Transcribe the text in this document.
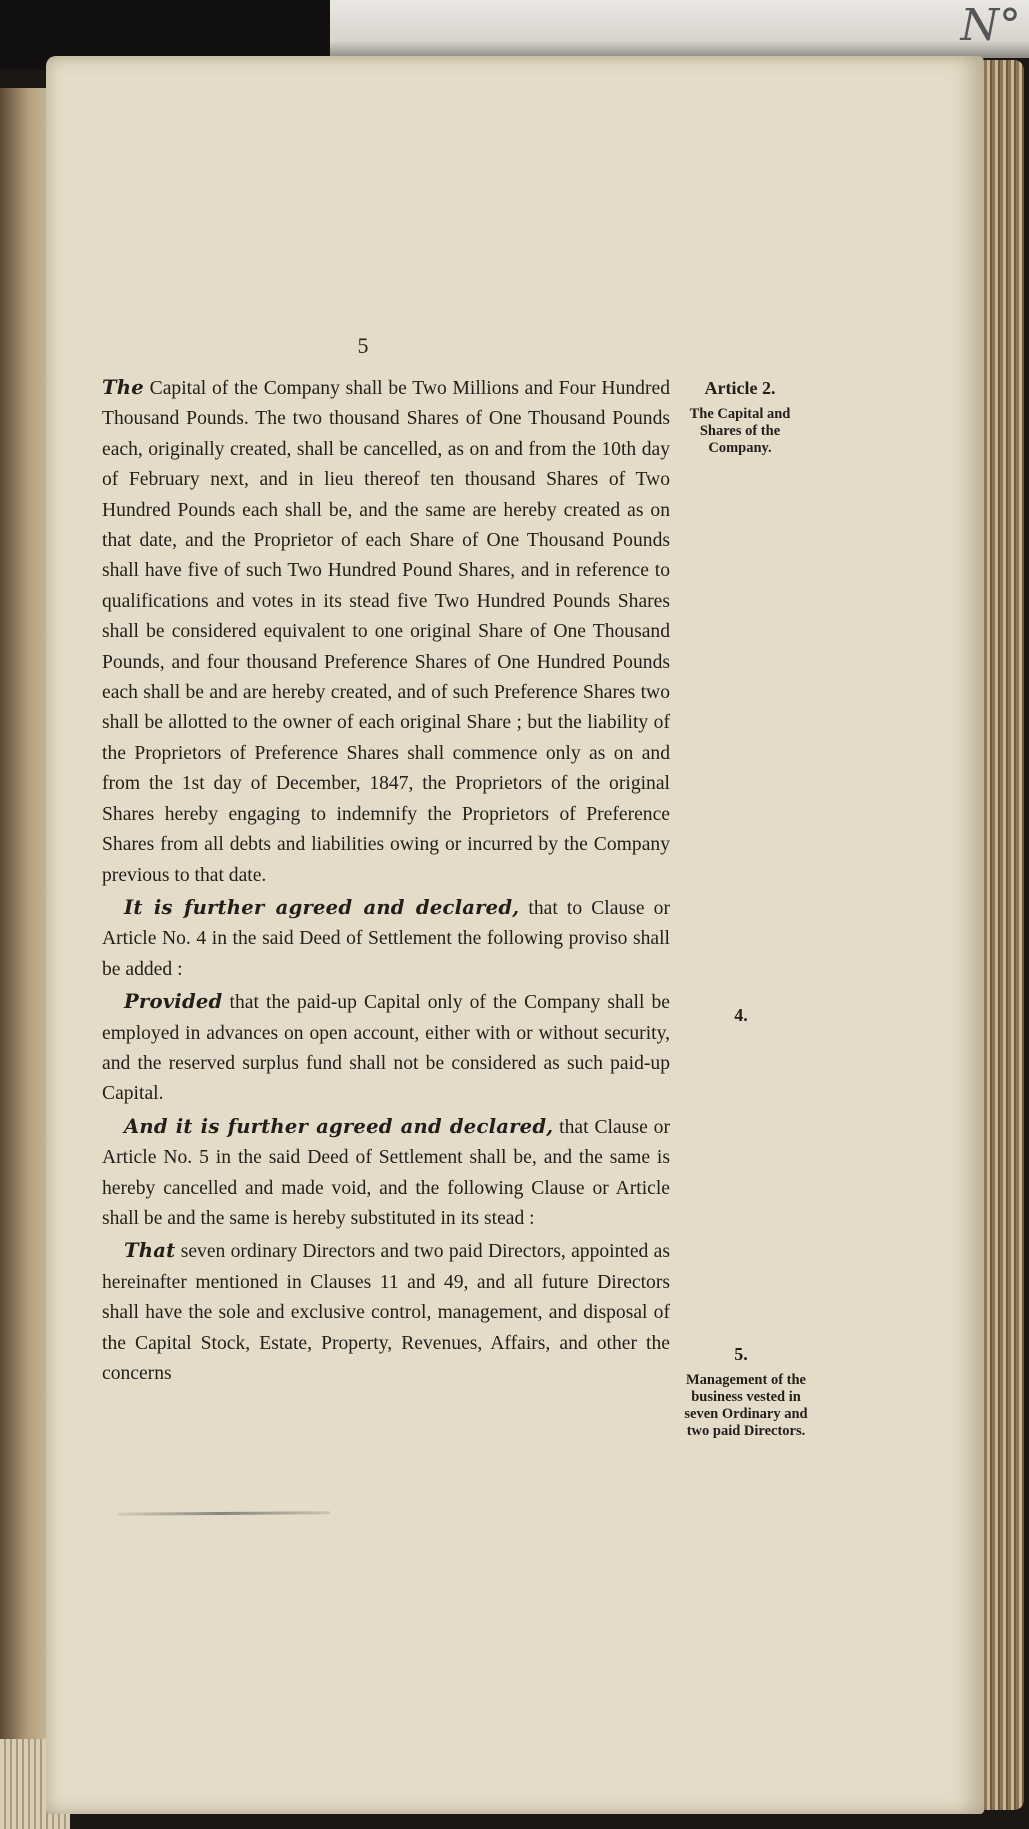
N°
5

The Capital of the Company shall be Two Millions and Four Hundred Thousand Pounds. The two thousand Shares of One Thousand Pounds each, originally created, shall be cancelled, as on and from the 10th day of February next, and in lieu thereof ten thousand Shares of Two Hundred Pounds each shall be, and the same are hereby created as on that date, and the Proprietor of each Share of One Thousand Pounds shall have five of such Two Hundred Pound Shares, and in reference to qualifications and votes in its stead five Two Hundred Pounds Shares shall be considered equivalent to one original Share of One Thousand Pounds, and four thousand Preference Shares of One Hundred Pounds each shall be and are hereby created, and of such Preference Shares two shall be allotted to the owner of each original Share ; but the liability of the Proprietors of Preference Shares shall commence only as on and from the 1st day of December, 1847, the Proprietors of the original Shares hereby engaging to indemnify the Proprietors of Preference Shares from all debts and liabilities owing or incurred by the Company previous to that date.

It is further agreed and declared, that to Clause or Article No. 4 in the said Deed of Settlement the following proviso shall be added :

Provided that the paid-up Capital only of the Company shall be employed in advances on open account, either with or without security, and the reserved surplus fund shall not be considered as such paid-up Capital.

And it is further agreed and declared, that Clause or Article No. 5 in the said Deed of Settlement shall be, and the same is hereby cancelled and made void, and the following Clause or Article shall be and the same is hereby substituted in its stead :

That seven ordinary Directors and two paid Directors, appointed as hereinafter mentioned in Clauses 11 and 49, and all future Directors shall have the sole and exclusive control, management, and disposal of the Capital Stock, Estate, Property, Revenues, Affairs, and other the concerns

Article 2.
The Capital and Shares of the Company.
4.
5.
Management of the business vested in seven Ordinary and two paid Directors.
